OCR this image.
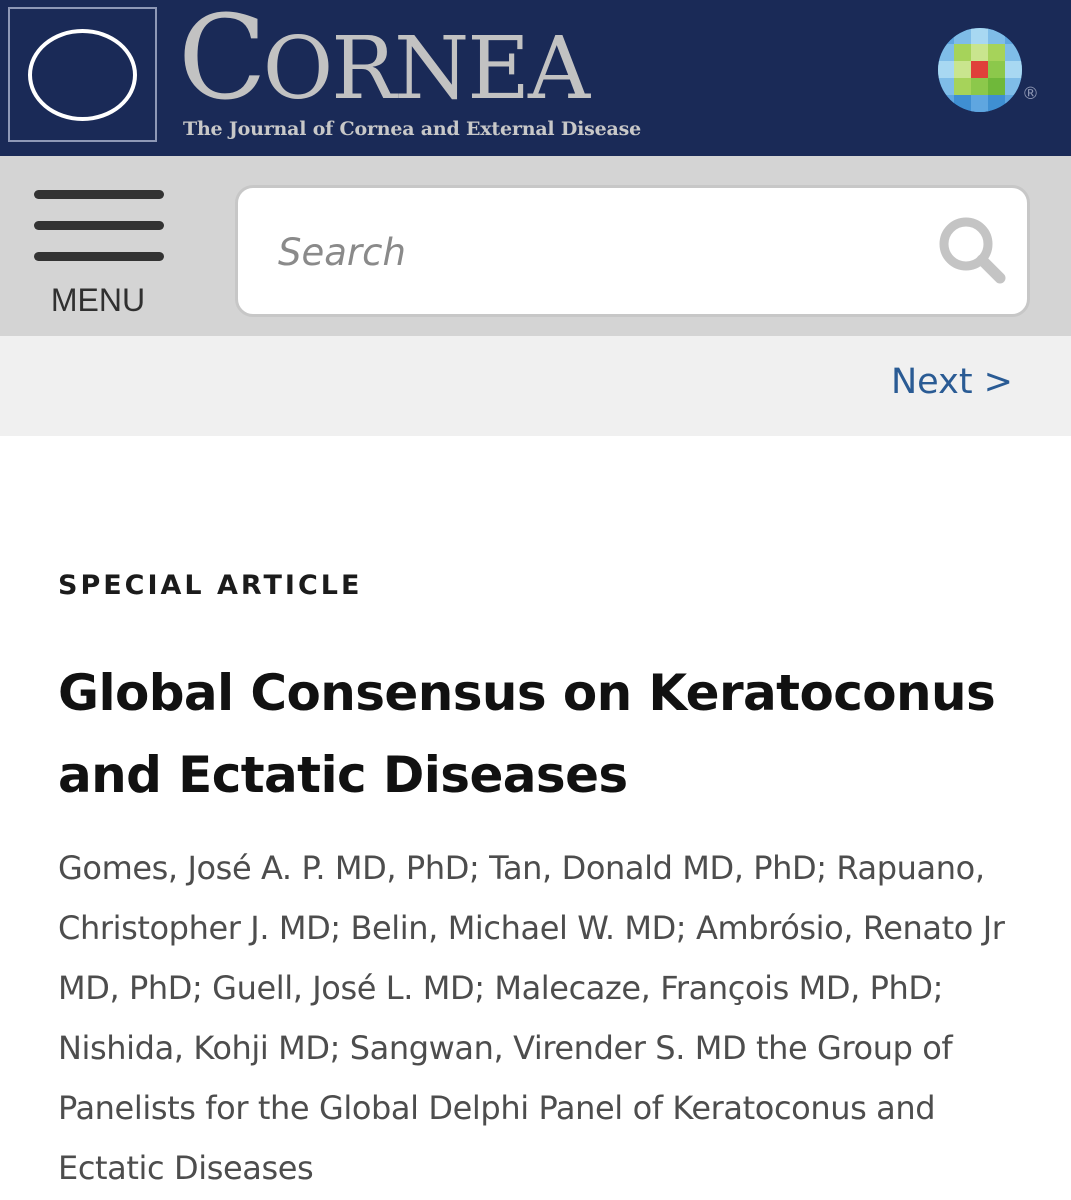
CORNEA
The Journal of Cornea and External Disease
®
MENU
Search
Next >
SPECIAL ARTICLE
Global Consensus on Keratoconus and Ectatic Diseases

Gomes, José A. P. MD, PhD; Tan, Donald MD, PhD; Rapuano, Christopher J. MD; Belin, Michael W. MD; Ambrósio, Renato Jr MD, PhD; Guell, José L. MD; Malecaze, François MD, PhD; Nishida, Kohji MD; Sangwan, Virender S. MD the Group of Panelists for the Global Delphi Panel of Keratoconus and Ectatic Diseases
